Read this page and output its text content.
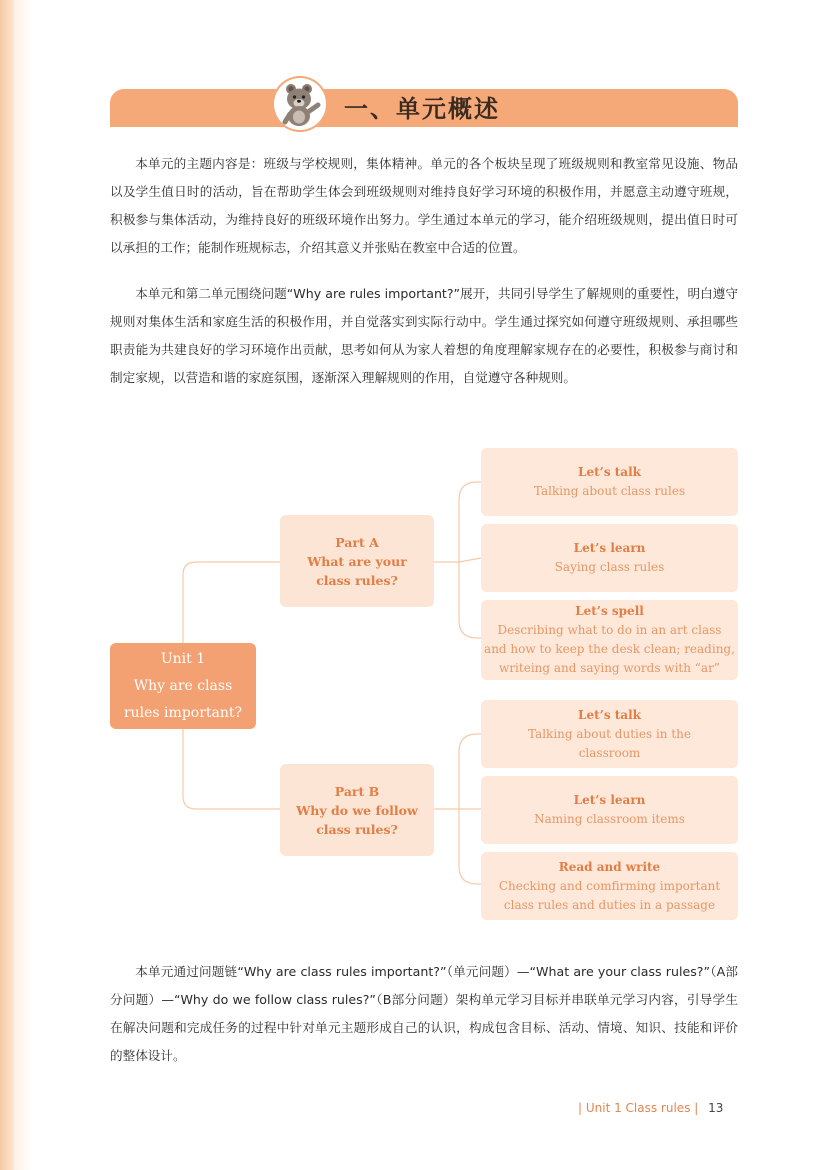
一、单元概述

本单元的主题内容是：班级与学校规则，集体精神。单元的各个板块呈现了班级规则和教室常见设施、物品以及学生值日时的活动，旨在帮助学生体会到班级规则对维持良好学习环境的积极作用，并愿意主动遵守班规，积极参与集体活动，为维持良好的班级环境作出努力。学生通过本单元的学习，能介绍班级规则，提出值日时可以承担的工作；能制作班规标志，介绍其意义并张贴在教室中合适的位置。

本单元和第二单元围绕问题“Why are rules important?”展开，共同引导学生了解规则的重要性，明白遵守规则对集体生活和家庭生活的积极作用，并自觉落实到实际行动中。学生通过探究如何遵守班级规则、承担哪些职责能为共建良好的学习环境作出贡献，思考如何从为家人着想的角度理解家规存在的必要性，积极参与商讨和制定家规，以营造和谐的家庭氛围，逐渐深入理解规则的作用，自觉遵守各种规则。

Unit 1
Why are class
rules important?
Part A
What are your
class rules?
Part B
Why do we follow
class rules?
Let’s talk
Talking about class rules
Let’s learn
Saying class rules
Let’s spell
Describing what to do in an art class
and how to keep the desk clean; reading,
writeing and saying words with “ar”
Let’s talk
Talking about duties in the
classroom
Let’s learn
Naming classroom items
Read and write
Checking and comfirming important
class rules and duties in a passage

本单元通过问题链“Why are class rules important?”（单元问题）—“What are your class rules?”（A部分问题）—“Why do we follow class rules?”（B部分问题）架构单元学习目标并串联单元学习内容，引导学生在解决问题和完成任务的过程中针对单元主题形成自己的认识，构成包含目标、活动、情境、知识、技能和评价的整体设计。

| Unit 1 Class rules | 13
